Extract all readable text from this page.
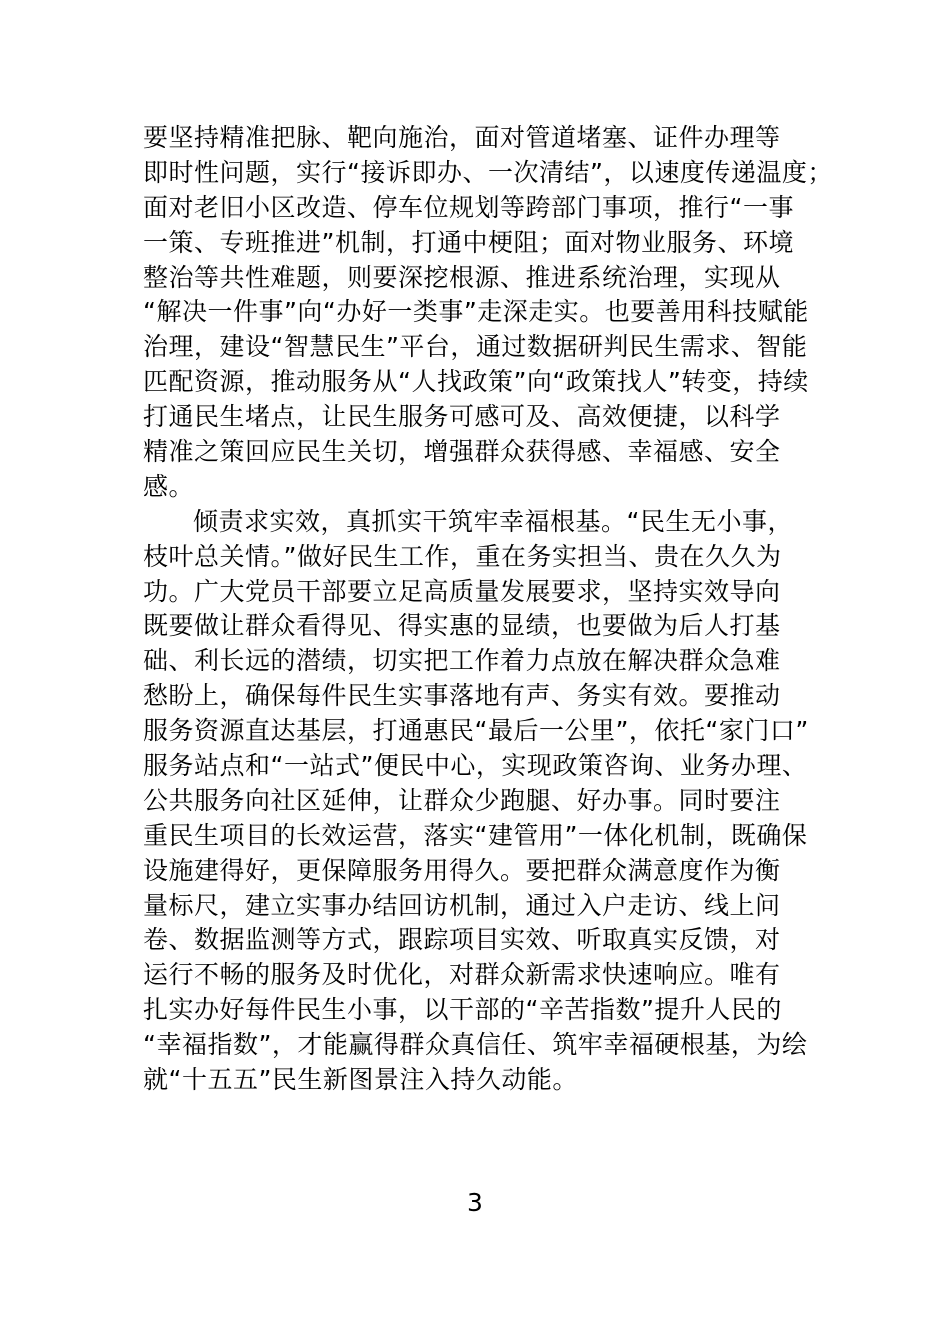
要坚持精准把脉、靶向施治，面对管道堵塞、证件办理等
即时性问题，实行“接诉即办、一次清结”，以速度传递温度；
面对老旧小区改造、停车位规划等跨部门事项，推行“一事
一策、专班推进”机制，打通中梗阻；面对物业服务、环境
整治等共性难题，则要深挖根源、推进系统治理，实现从
“解决一件事”向“办好一类事”走深走实。也要善用科技赋能
治理，建设“智慧民生”平台，通过数据研判民生需求、智能
匹配资源，推动服务从“人找政策”向“政策找人”转变，持续
打通民生堵点，让民生服务可感可及、高效便捷，以科学
精准之策回应民生关切，增强群众获得感、幸福感、安全
感。
倾责求实效，真抓实干筑牢幸福根基。“民生无小事，
枝叶总关情。”做好民生工作，重在务实担当、贵在久久为
功。广大党员干部要立足高质量发展要求，坚持实效导向
既要做让群众看得见、得实惠的显绩，也要做为后人打基
础、利长远的潜绩，切实把工作着力点放在解决群众急难
愁盼上，确保每件民生实事落地有声、务实有效。要推动
服务资源直达基层，打通惠民“最后一公里”，依托“家门口”
服务站点和“一站式”便民中心，实现政策咨询、业务办理、
公共服务向社区延伸，让群众少跑腿、好办事。同时要注
重民生项目的长效运营，落实“建管用”一体化机制，既确保
设施建得好，更保障服务用得久。要把群众满意度作为衡
量标尺，建立实事办结回访机制，通过入户走访、线上问
卷、数据监测等方式，跟踪项目实效、听取真实反馈，对
运行不畅的服务及时优化，对群众新需求快速响应。唯有
扎实办好每件民生小事，以干部的“辛苦指数”提升人民的
“幸福指数”，才能赢得群众真信任、筑牢幸福硬根基，为绘
就“十五五”民生新图景注入持久动能。
3
